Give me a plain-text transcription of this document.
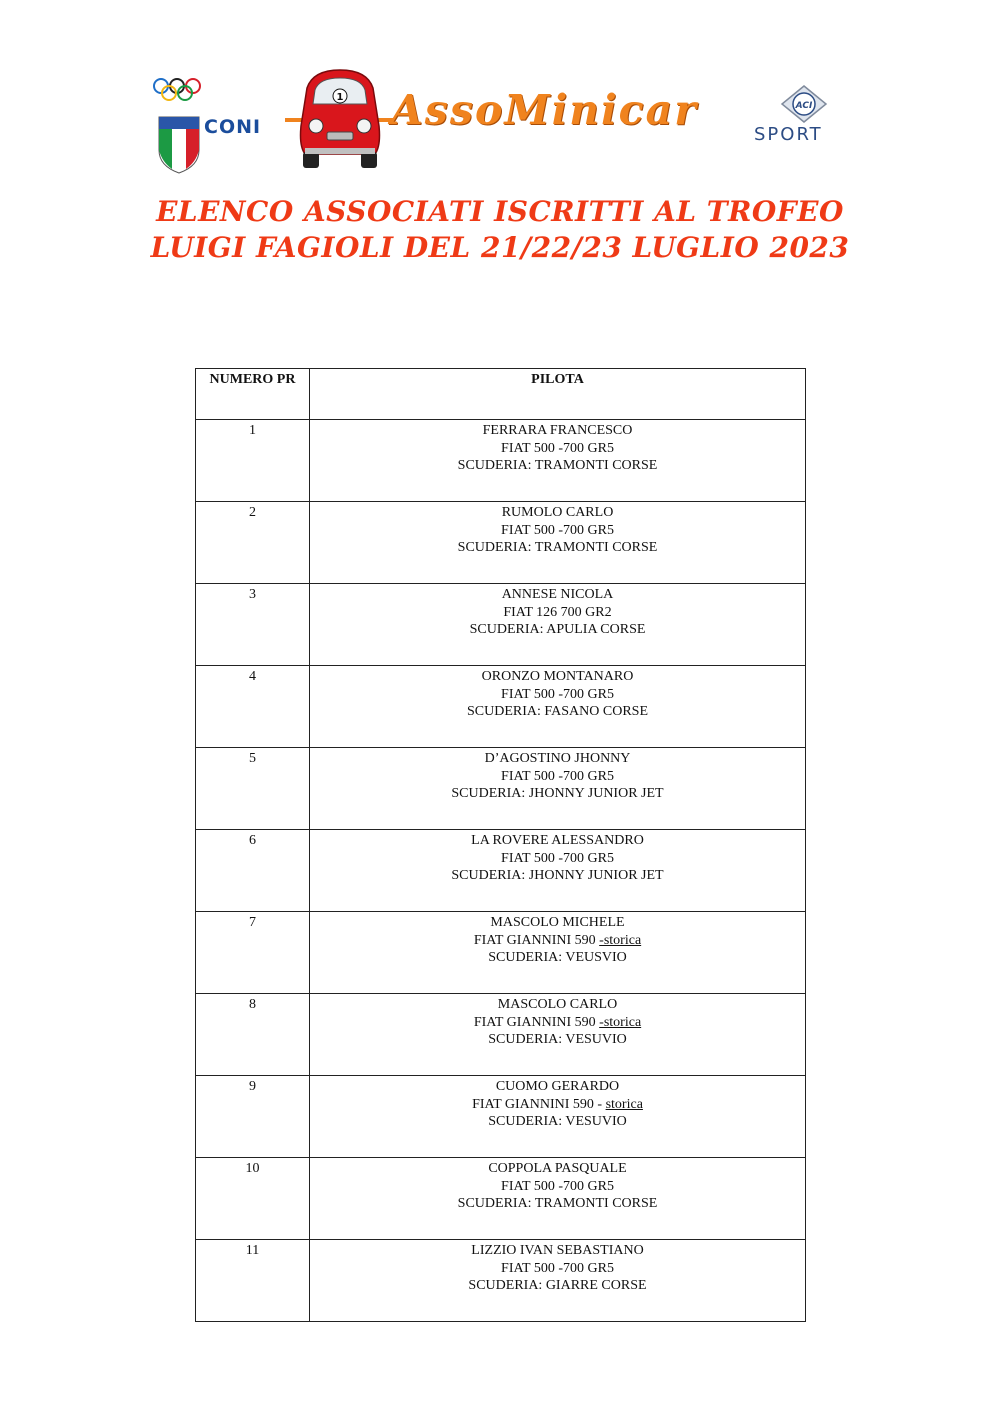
CONI
1 AssoMinicar	ACI
SPORT
ELENCO ASSOCIATI ISCRITTI AL TROFEO
LUIGI FAGIOLI DEL 21/22/23 LUGLIO 2023
NUMERO PR	PILOTA
1	FERRARA FRANCESCO
FIAT 500 -700 GR5
SCUDERIA: TRAMONTI CORSE

2	RUMOLO CARLO
FIAT 500 -700 GR5
SCUDERIA: TRAMONTI CORSE

3	ANNESE NICOLA
FIAT 126 700 GR2
SCUDERIA: APULIA CORSE

4	ORONZO MONTANARO
FIAT 500 -700 GR5
SCUDERIA: FASANO CORSE

5	D’AGOSTINO JHONNY
FIAT 500 -700 GR5
SCUDERIA: JHONNY JUNIOR JET

6	LA ROVERE ALESSANDRO
FIAT 500 -700 GR5
SCUDERIA: JHONNY JUNIOR JET

7	MASCOLO MICHELE
FIAT GIANNINI 590 -storica
SCUDERIA: VEUSVIO

8	MASCOLO CARLO
FIAT GIANNINI 590 -storica
SCUDERIA: VESUVIO

9	CUOMO GERARDO
FIAT GIANNINI 590 - storica
SCUDERIA: VESUVIO

10	COPPOLA PASQUALE
FIAT 500 -700 GR5
SCUDERIA: TRAMONTI CORSE

11	LIZZIO IVAN SEBASTIANO
FIAT 500 -700 GR5
SCUDERIA: GIARRE CORSE
